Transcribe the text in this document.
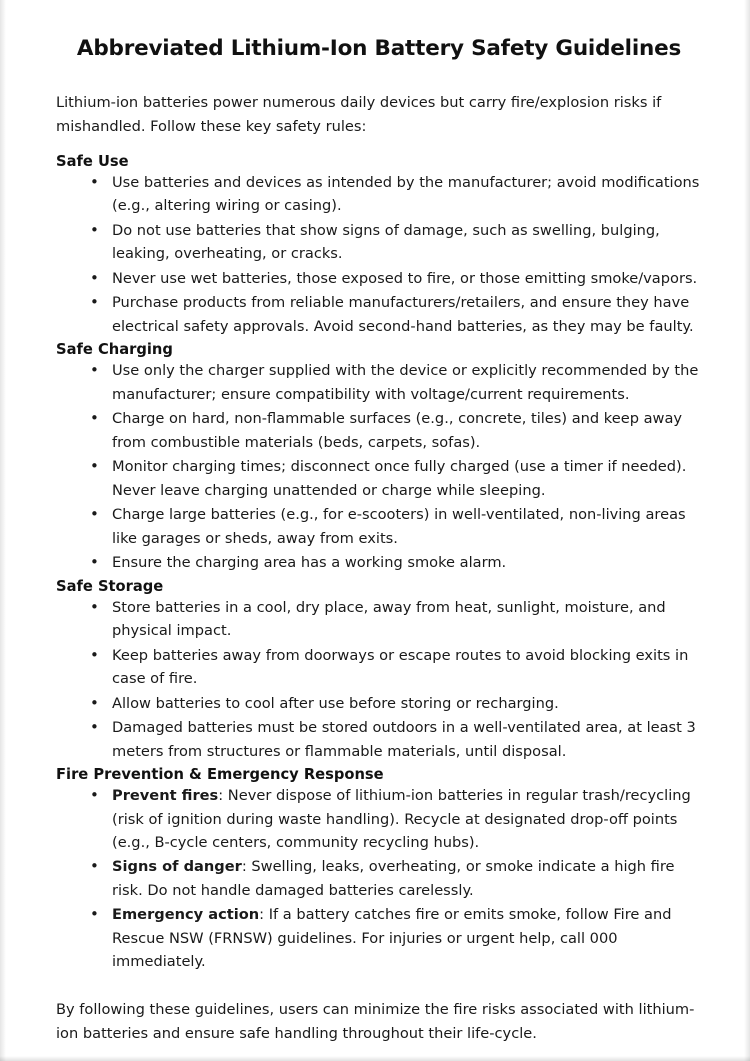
Abbreviated Lithium-Ion Battery Safety Guidelines

Lithium-ion batteries power numerous daily devices but carry fire/explosion risks if mishandled. Follow these key safety rules:

Safe Use
• Use batteries and devices as intended by the manufacturer; avoid modifications (e.g., altering wiring or casing).
• Do not use batteries that show signs of damage, such as swelling, bulging, leaking, overheating, or cracks.
• Never use wet batteries, those exposed to fire, or those emitting smoke/vapors.
• Purchase products from reliable manufacturers/retailers, and ensure they have electrical safety approvals. Avoid second-hand batteries, as they may be faulty.
Safe Charging
• Use only the charger supplied with the device or explicitly recommended by the manufacturer; ensure compatibility with voltage/current requirements.
• Charge on hard, non-flammable surfaces (e.g., concrete, tiles) and keep away from combustible materials (beds, carpets, sofas).
• Monitor charging times; disconnect once fully charged (use a timer if needed). Never leave charging unattended or charge while sleeping.
• Charge large batteries (e.g., for e-scooters) in well-ventilated, non-living areas like garages or sheds, away from exits.
• Ensure the charging area has a working smoke alarm.
Safe Storage
• Store batteries in a cool, dry place, away from heat, sunlight, moisture, and physical impact.
• Keep batteries away from doorways or escape routes to avoid blocking exits in case of fire.
• Allow batteries to cool after use before storing or recharging.
• Damaged batteries must be stored outdoors in a well-ventilated area, at least 3 meters from structures or flammable materials, until disposal.
Fire Prevention & Emergency Response
• Prevent fires: Never dispose of lithium-ion batteries in regular trash/recycling (risk of ignition during waste handling). Recycle at designated drop-off points (e.g., B-cycle centers, community recycling hubs).
• Signs of danger: Swelling, leaks, overheating, or smoke indicate a high fire risk. Do not handle damaged batteries carelessly.
• Emergency action: If a battery catches fire or emits smoke, follow Fire and Rescue NSW (FRNSW) guidelines. For injuries or urgent help, call 000 immediately.

By following these guidelines, users can minimize the fire risks associated with lithium-ion batteries and ensure safe handling throughout their life-cycle.
